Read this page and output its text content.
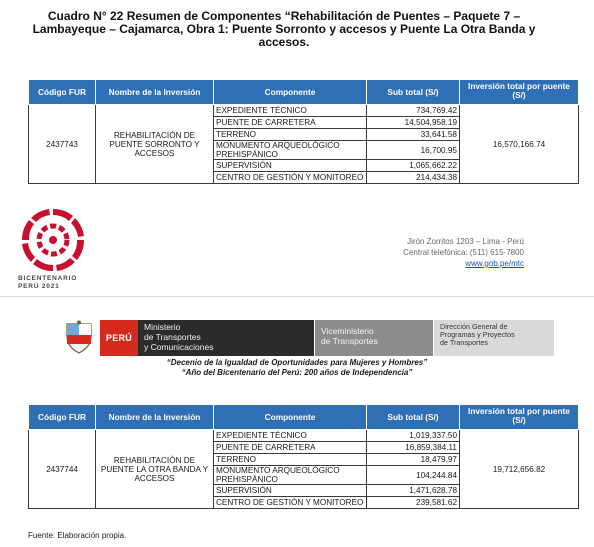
Cuadro N° 22 Resumen de Componentes “Rehabilitación de Puentes – Paquete 7 – Lambayeque – Cajamarca, Obra 1: Puente Sorronto y accesos y Puente La Otra Banda y accesos.
Código FUR	Nombre de la Inversión	Componente	Sub total (S/)	Inversión total por puente (S/)
2437743	REHABILITACIÓN DE PUENTE SORRONTO Y ACCESOS	EXPEDIENTE TÉCNICO	734,769.42	16,570,166.74
		PUENTE DE CARRETERA	14,504,958.19	
		TERRENO	33,641.58	
		MONUMENTO ARQUEOLÓGICO PREHISPÁNICO	16,700.95	
		SUPERVISIÓN	1,065,662.22	
		CENTRO DE GESTIÓN Y MONITOREO	214,434.38	
BICENTENARIO
PERÚ 2021
Jirón Zorritos 1203 – Lima - Perú
Central telefónica: (511) 615-7800
www.gob.pe/mtc
PERÚ
Ministerio
de Transportes
y Comunicaciones
Viceministerio
de Transportes
Dirección General de
Programas y Proyectos
de Transportes
“Decenio de la Igualdad de Oportunidades para Mujeres y Hombres”
“Año del Bicentenario del Perú: 200 años de Independencia”
Código FUR	Nombre de la Inversión	Componente	Sub total (S/)	Inversión total por puente (S/)
2437744	REHABILITACIÓN DE PUENTE LA OTRA BANDA Y ACCESOS	EXPEDIENTE TÉCNICO	1,019,337.50	19,712,656.82
		PUENTE DE CARRETERA	16,859,384.11	
		TERRENO	18,479.97	
		MONUMENTO ARQUEOLÓGICO PREHISPÁNICO	104,244.84	
		SUPERVISIÓN	1,471,628.78	
		CENTRO DE GESTIÓN Y MONITOREO	239,581.62	
Fuente: Elaboración propia.
